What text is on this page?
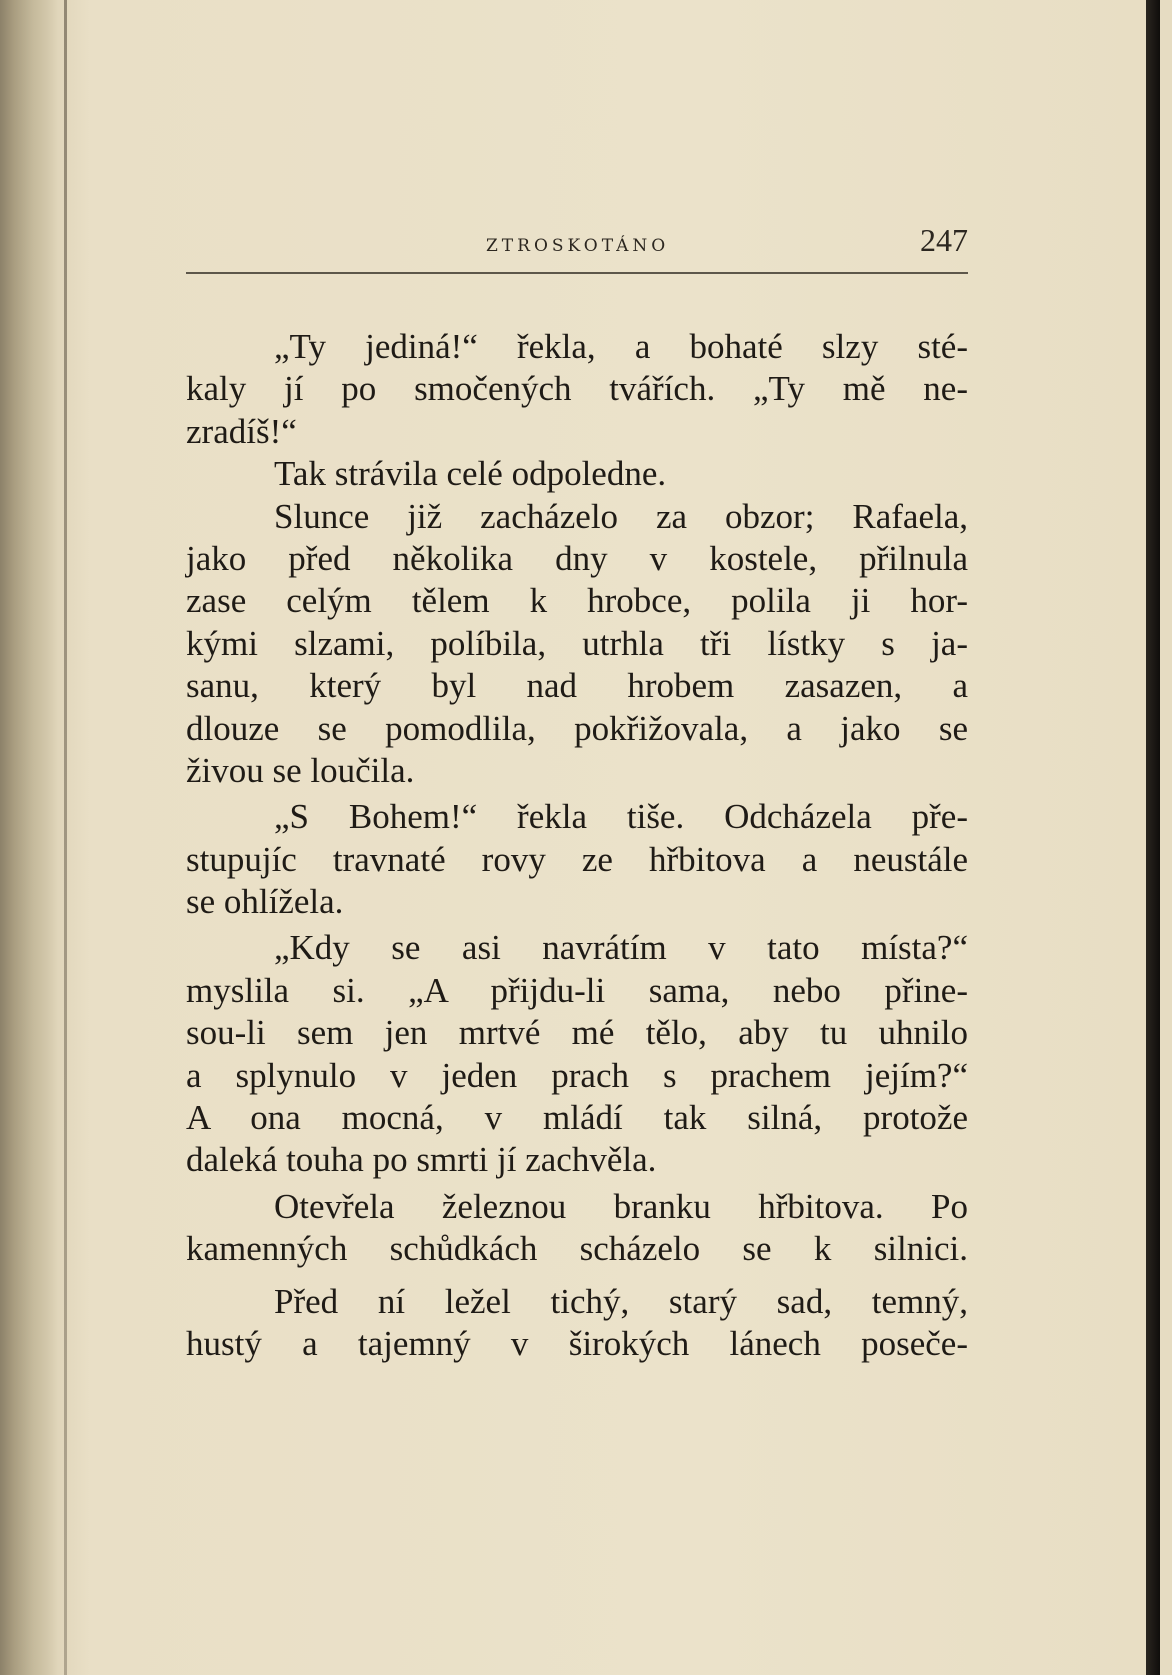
ZTROSKOTÁNO	247
„Ty jediná!“ řekla, a bohaté slzy sté-
kaly jí po smočených tvářích. „Ty mě ne-
zradíš!“
Tak strávila celé odpoledne.
Slunce již zacházelo za obzor; Rafaela,
jako před několika dny v kostele, přilnula
zase celým tělem k hrobce, polila ji hor-
kými slzami, políbila, utrhla tři lístky s ja-
sanu, který byl nad hrobem zasazen, a
dlouze se pomodlila, pokřižovala, a jako se
živou se loučila.
„S Bohem!“ řekla tiše. Odcházela pře-
stupujíc travnaté rovy ze hřbitova a neustále
se ohlížela.
„Kdy se asi navrátím v tato místa?“
myslila si. „A přijdu-li sama, nebo přine-
sou-li sem jen mrtvé mé tělo, aby tu uhnilo
a splynulo v jeden prach s prachem jejím?“
A ona mocná, v mládí tak silná, protože
daleká touha po smrti jí zachvěla.
Otevřela železnou branku hřbitova. Po
kamenných schůdkách scházelo se k silnici.
Před ní ležel tichý, starý sad, temný,
hustý a tajemný v širokých lánech poseče-
